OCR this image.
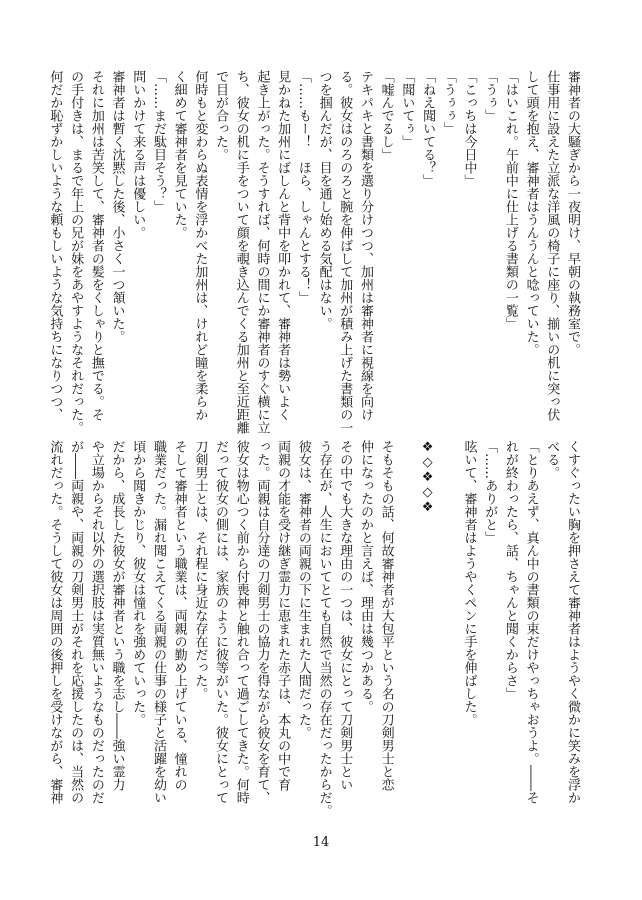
審神者の大騒ぎから一夜明け、早朝の執務室で。
仕事用に設えた立派な洋風の椅子に座り、揃いの机に突っ伏
して頭を抱え、審神者はうんうんと唸っていた。
「はいこれ。午前中に仕上げる書類の一覧」
「うぅ」
「こっちは今日中」
「うぅぅ」
「ねえ聞いてる？」
「聞いてぅ」
「嘘んでるし」
テキパキと書類を選り分けつつ、加州は審神者に視線を向け
る。彼女はのろのろと腕を伸ばして加州が積み上げた書類の一
つを掴んだが、目を通し始める気配はない。
「……もー！　ほら、しゃんとする！」
見かねた加州にばしんと背中を叩かれて、審神者は勢いよく
起き上がった。そうすれば、何時の間にか審神者のすぐ横に立
ち、彼女の机に手をついて顔を覗き込んでくる加州と至近距離
で目が合った。
何時もと変わらぬ表情を浮かべた加州は、けれど瞳を柔らか
く細めて審神者を見ていた。
「……まだ駄目そう？」
問いかけて来る声は優しい。
審神者は暫く沈黙した後、小さく一つ頷いた。
それに加州は苦笑して、審神者の髪をくしゃりと撫でる。そ
の手付きは、まるで年上の兄が妹をあやすようなそれだった。
何だか恥ずかしいような頼もしいような気持ちになりつつ、
くすぐったい胸を押さえて審神者はようやく微かに笑みを浮か
べる。
「とりあえず、真ん中の書類の束だけやっちゃおうよ。――そ
れが終わったら、話、ちゃんと聞くからさ」
「……ありがと」
呟いて、審神者はようやくペンに手を伸ばした。

❖◇❖◇❖

そもそもの話、何故審神者が大包平という名の刀剣男士と恋
仲になったのかと言えば、理由は幾つかある。
その中でも大きな理由の一つは、彼女にとって刀剣男士とい
う存在が、人生においてとても自然で当然の存在だったからだ。
彼女は、審神者の両親の下に生まれた人間だった。
両親の才能を受け継ぎ霊力に恵まれた赤子は、本丸の中で育
った。両親は自分達の刀剣男士の協力を得ながら彼女を育て、
彼女は物心つく前から付喪神と触れ合って過ごしてきた。何時
だって彼女の側には、家族のように彼等がいた。彼女にとって
刀剣男士とは、それ程に身近な存在だった。
そして審神者という職業は、両親の勤め上げている、憧れの
職業だった。漏れ聞こえてくる両親の仕事の様子と活躍を幼い
頃から聞きかじり、彼女は憧れを強めていった。
だから、成長した彼女が審神者という職を志し――強い霊力
や立場からそれ以外の選択肢は実質無いようなものだったのだ
が――両親や、両親の刀剣男士がそれを応援したのは、当然の
流れだった。そうして彼女は周囲の後押しを受けながら、審神
14
